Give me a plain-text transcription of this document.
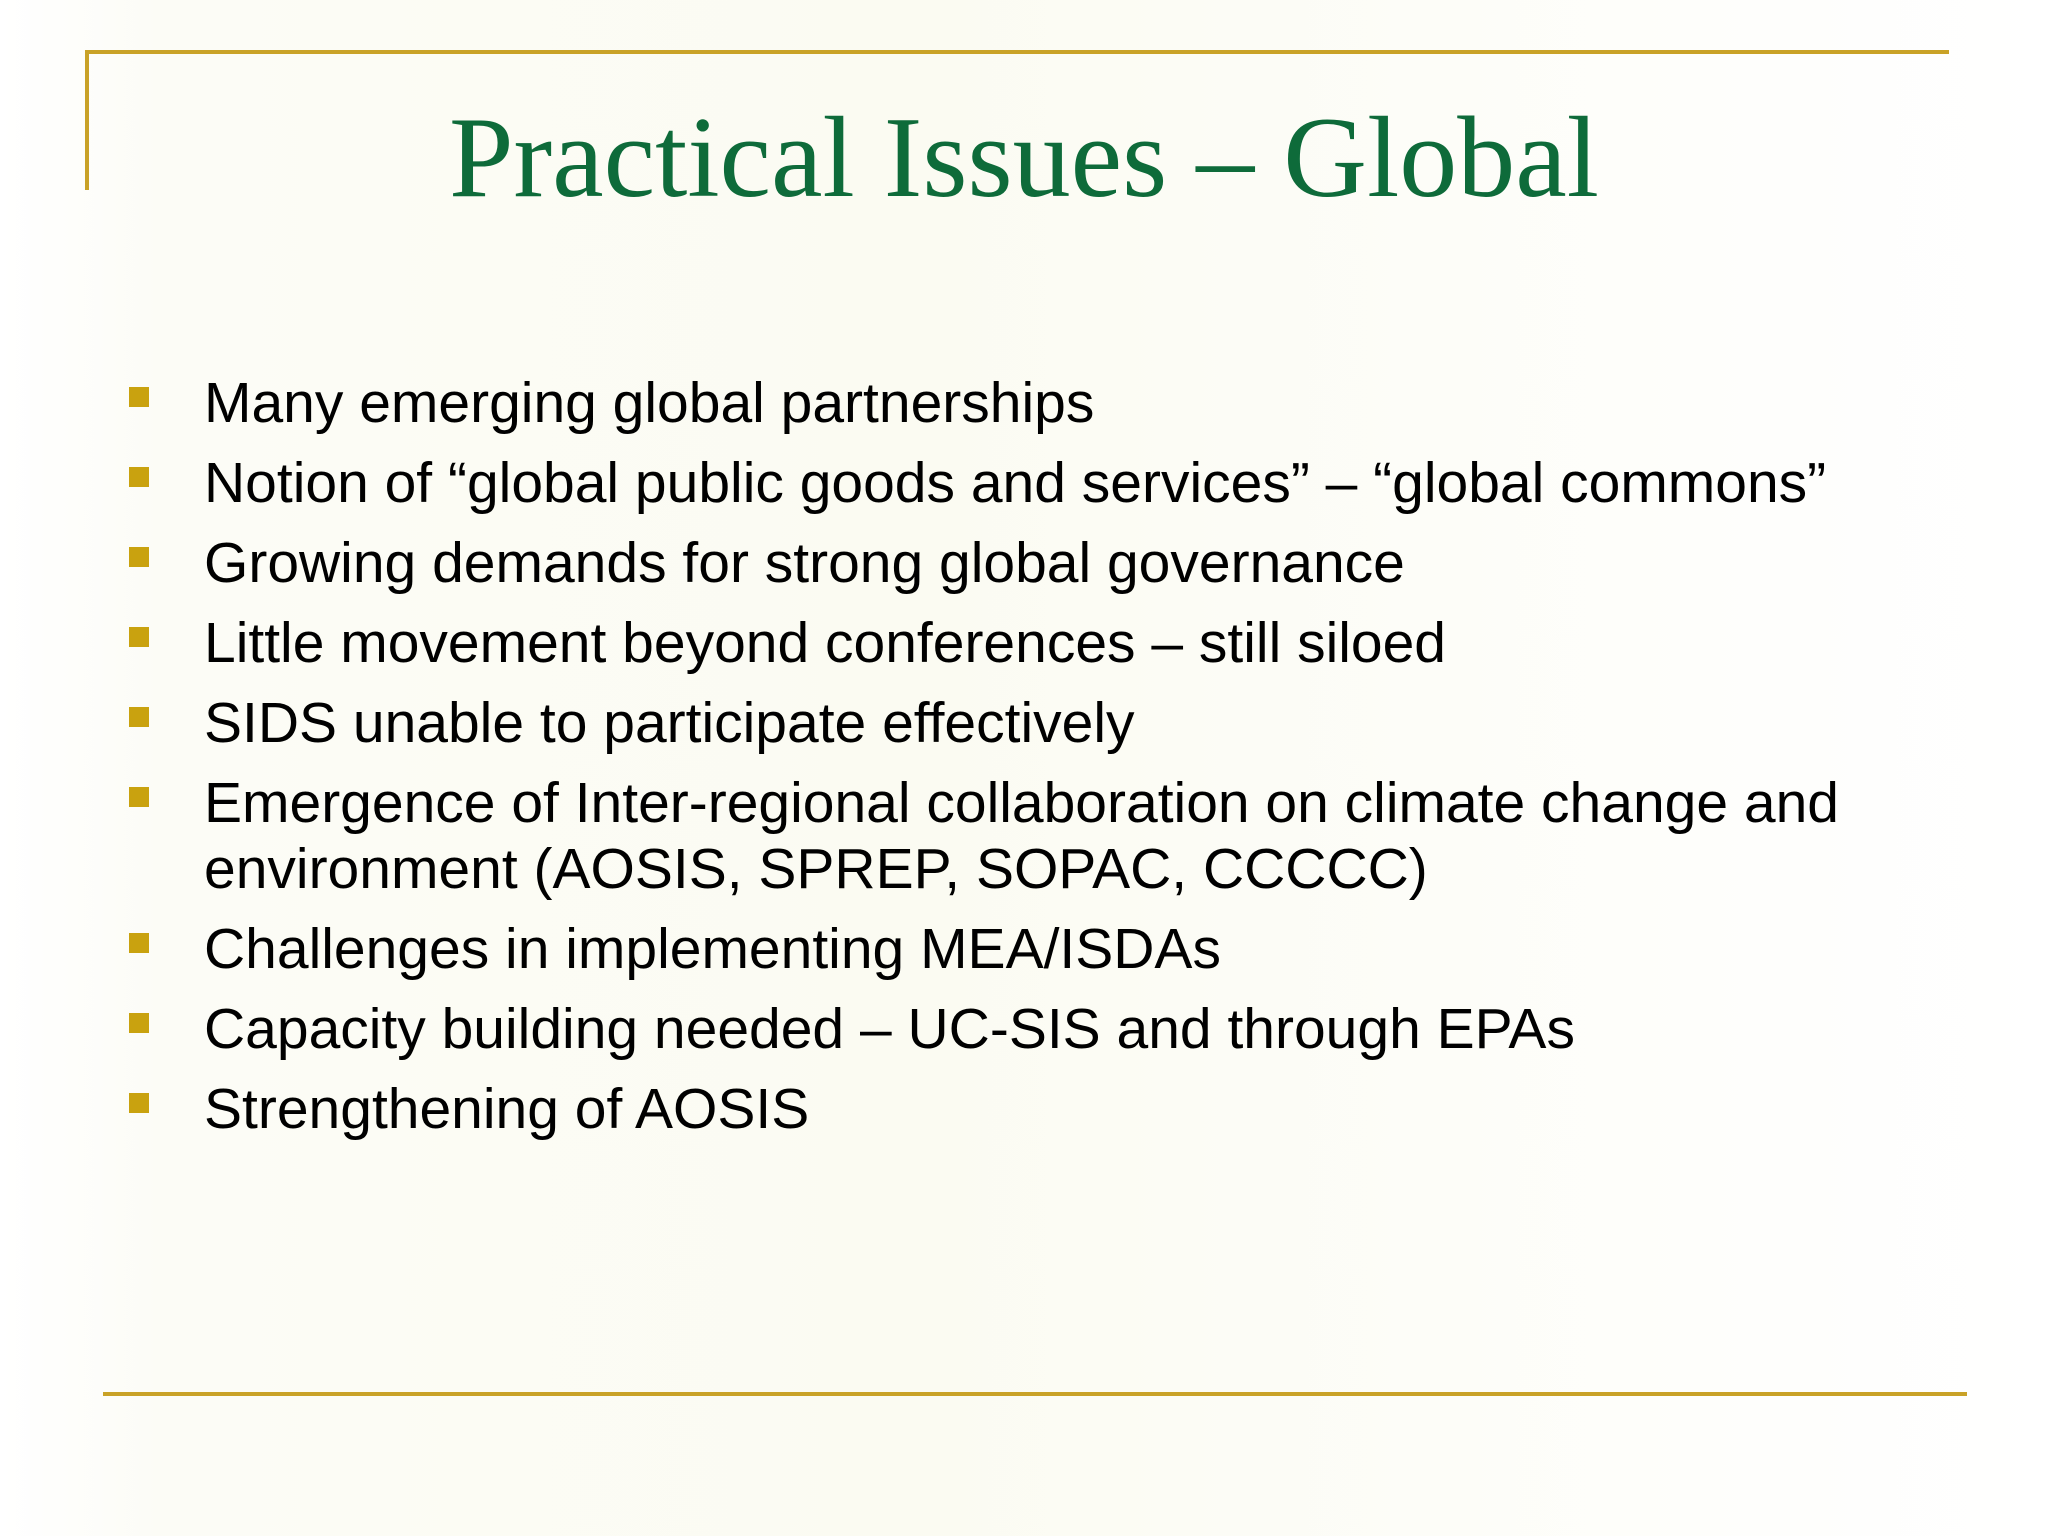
Practical Issues – Global
Many emerging global partnerships
Notion of “global public goods and services” – “global commons”
Growing demands for strong global governance
Little movement beyond conferences – still siloed
SIDS unable to participate effectively
Emergence of Inter-regional collaboration on climate change and environment (AOSIS, SPREP, SOPAC, CCCCC)
Challenges in implementing MEA/ISDAs
Capacity building needed – UC-SIS and through EPAs
Strengthening of AOSIS
